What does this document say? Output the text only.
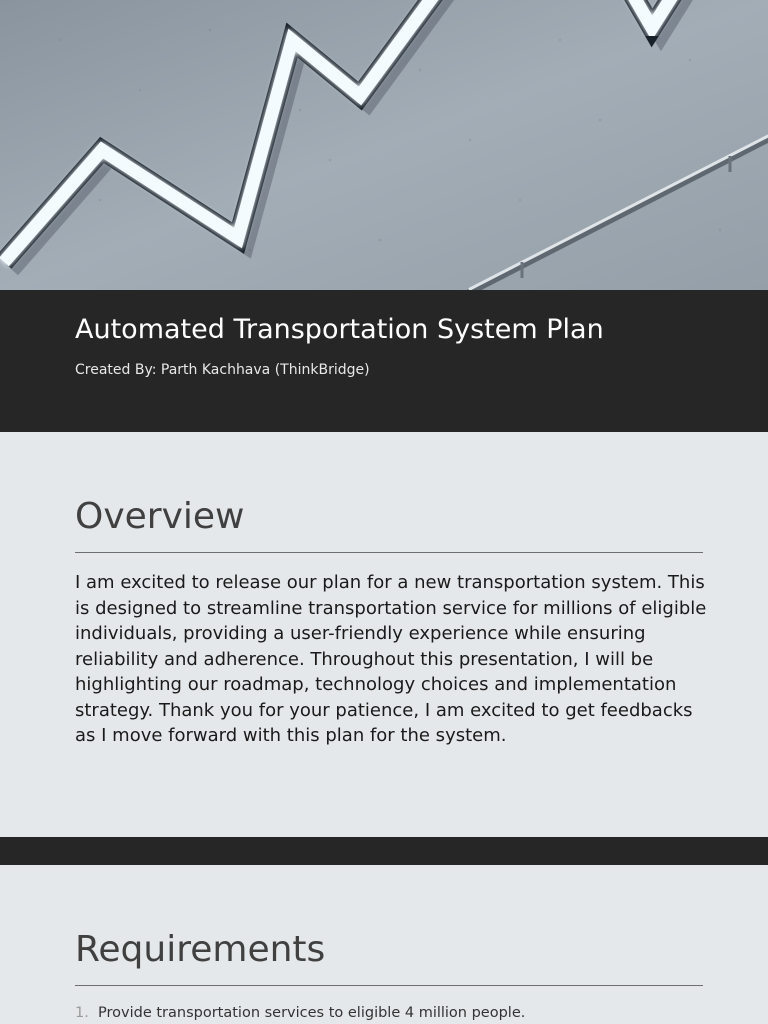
Automated Transportation System Plan

Created By: Parth Kachhava (ThinkBridge)

Overview

I am excited to release our plan for a new transportation system. This is designed to streamline transportation service for millions of eligible individuals, providing a user-friendly experience while ensuring reliability and adherence. Throughout this presentation, I will be highlighting our roadmap, technology choices and implementation strategy. Thank you for your patience, I am excited to get feedbacks as I move forward with this plan for the system.

Requirements
1. Provide transportation services to eligible 4 million people.
